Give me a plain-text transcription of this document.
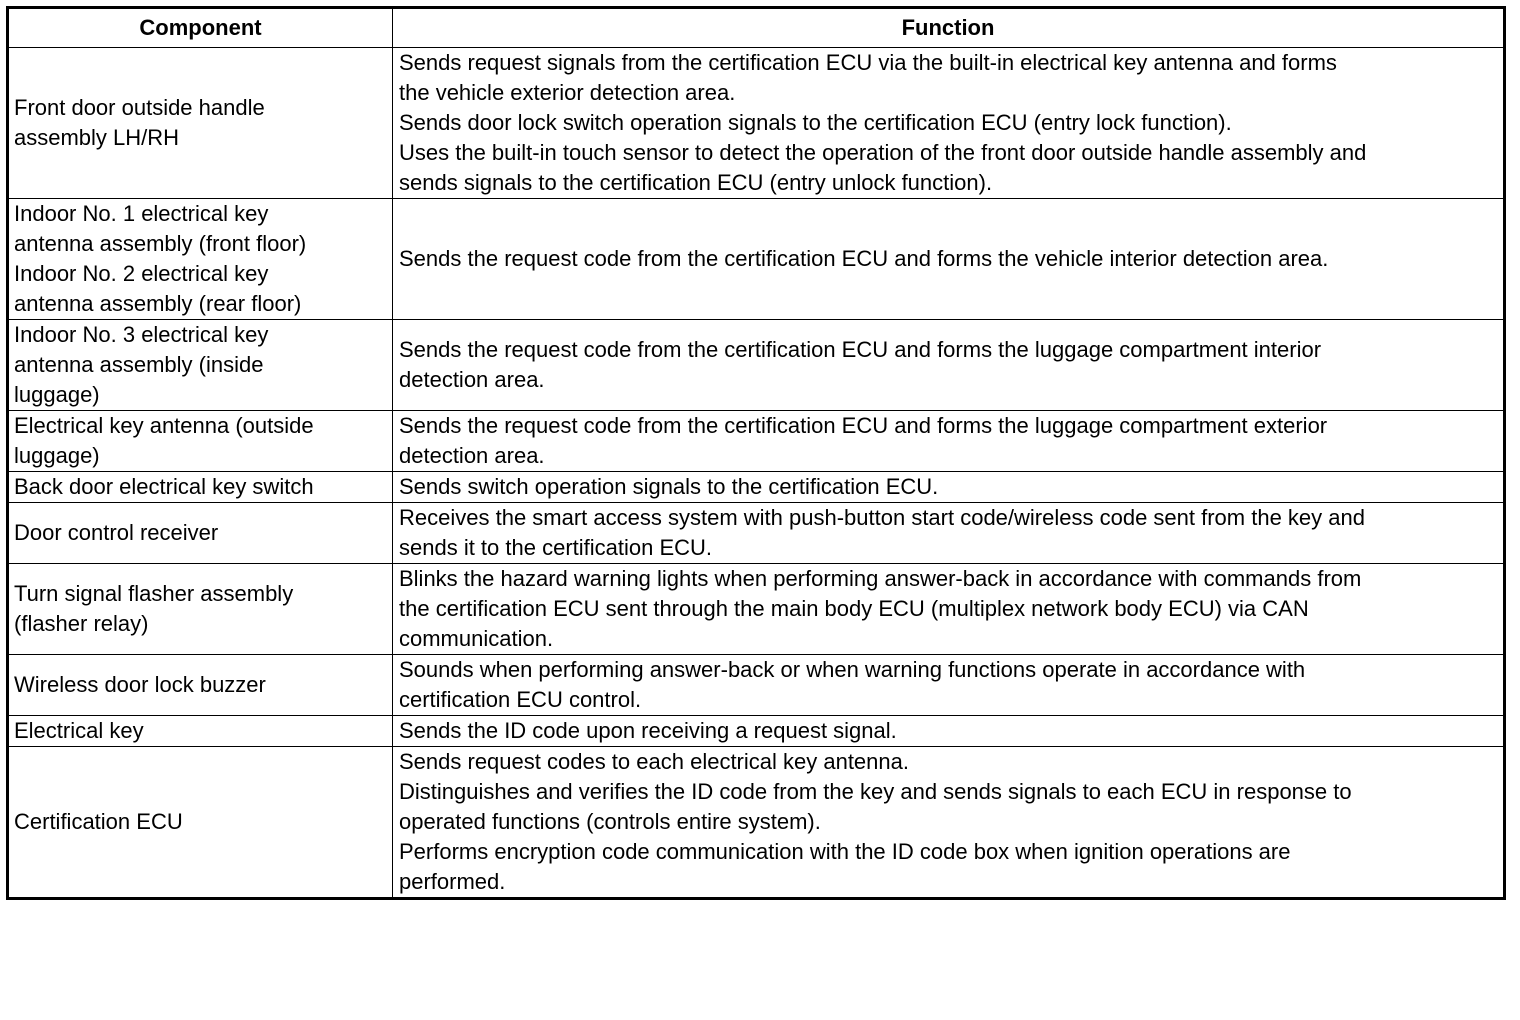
Component	Function

Front door outside handle
assembly LH/RH	Sends request signals from the certification ECU via the built-in electrical key antenna and forms
the vehicle exterior detection area.
Sends door lock switch operation signals to the certification ECU (entry lock function).
Uses the built-in touch sensor to detect the operation of the front door outside handle assembly and
sends signals to the certification ECU (entry unlock function).

Indoor No. 1 electrical key
antenna assembly (front floor)
Indoor No. 2 electrical key
antenna assembly (rear floor)	Sends the request code from the certification ECU and forms the vehicle interior detection area.

Indoor No. 3 electrical key
antenna assembly (inside
luggage)	Sends the request code from the certification ECU and forms the luggage compartment interior
detection area.

Electrical key antenna (outside
luggage)	Sends the request code from the certification ECU and forms the luggage compartment exterior
detection area.

Back door electrical key switch	Sends switch operation signals to the certification ECU.

Door control receiver	Receives the smart access system with push-button start code/wireless code sent from the key and
sends it to the certification ECU.

Turn signal flasher assembly
(flasher relay)	Blinks the hazard warning lights when performing answer-back in accordance with commands from
the certification ECU sent through the main body ECU (multiplex network body ECU) via CAN
communication.

Wireless door lock buzzer	Sounds when performing answer-back or when warning functions operate in accordance with
certification ECU control.

Electrical key	Sends the ID code upon receiving a request signal.

Certification ECU	Sends request codes to each electrical key antenna.
Distinguishes and verifies the ID code from the key and sends signals to each ECU in response to
operated functions (controls entire system).
Performs encryption code communication with the ID code box when ignition operations are
performed.
